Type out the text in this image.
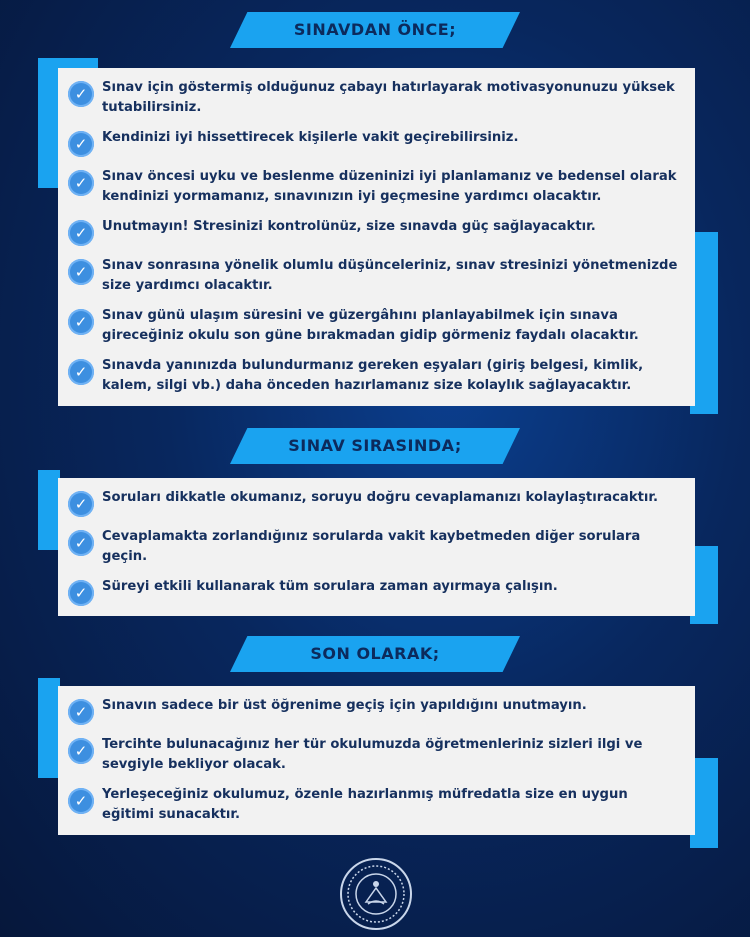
SINAVDAN ÖNCE;
✓	Sınav için göstermiş olduğunuz çabayı hatırlayarak motivasyonunuzu yüksek tutabilirsiniz.
✓	Kendinizi iyi hissettirecek kişilerle vakit geçirebilirsiniz.
✓	Sınav öncesi uyku ve beslenme düzeninizi iyi planlamanız ve bedensel olarak kendinizi yormamanız, sınavınızın iyi geçmesine yardımcı olacaktır.
✓	Unutmayın! Stresinizi kontrolünüz, size sınavda güç sağlayacaktır.
✓	Sınav sonrasına yönelik olumlu düşünceleriniz, sınav stresinizi yönetmenizde size yardımcı olacaktır.
✓	Sınav günü ulaşım süresini ve güzergâhını planlayabilmek için sınava gireceğiniz okulu son güne bırakmadan gidip görmeniz faydalı olacaktır.
✓	Sınavda yanınızda bulundurmanız gereken eşyaları (giriş belgesi, kimlik, kalem, silgi vb.) daha önceden hazırlamanız size kolaylık sağlayacaktır.
SINAV SIRASINDA;
✓	Soruları dikkatle okumanız, soruyu doğru cevaplamanızı kolaylaştıracaktır.
✓	Cevaplamakta zorlandığınız sorularda vakit kaybetmeden diğer sorulara geçin.
✓	Süreyi etkili kullanarak tüm sorulara zaman ayırmaya çalışın.
SON OLARAK;
✓	Sınavın sadece bir üst öğrenime geçiş için yapıldığını unutmayın.
✓	Tercihte bulunacağınız her tür okulumuzda öğretmenleriniz sizleri ilgi ve sevgiyle bekliyor olacak.
✓	Yerleşeceğiniz okulumuz, özenle hazırlanmış müfredatla size en uygun eğitimi sunacaktır.
